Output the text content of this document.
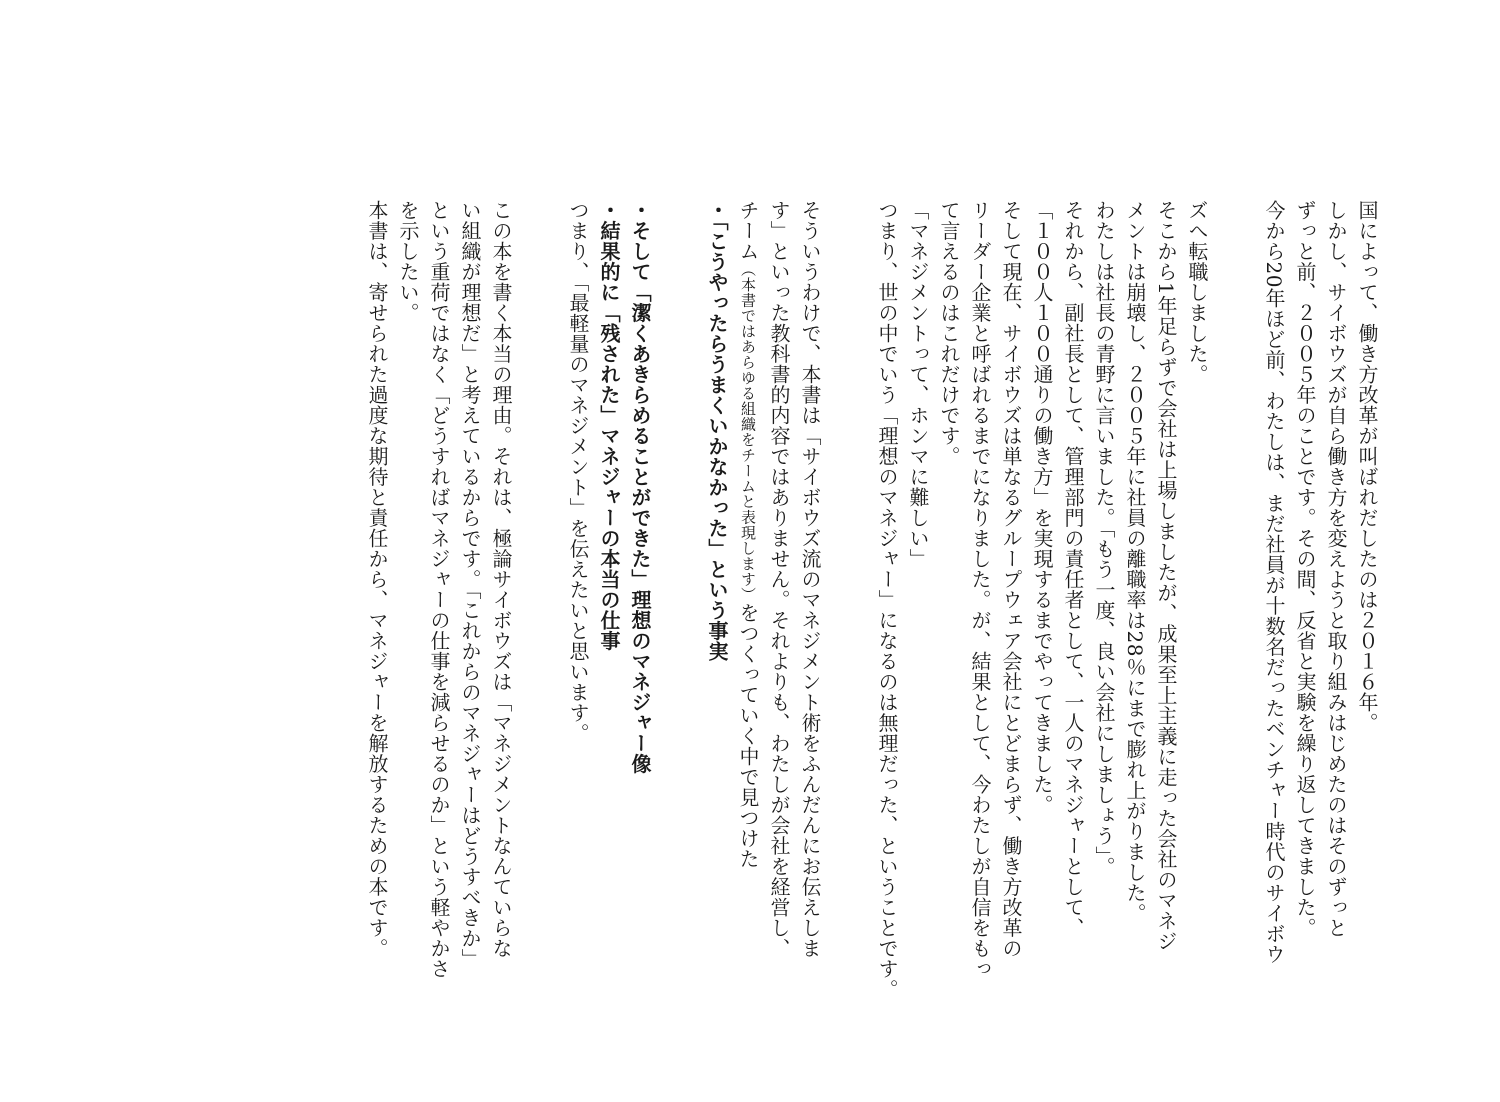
国によって、働き方改革が叫ばれだしたのは２０１６年。

しかし、サイボウズが自ら働き方を変えようと取り組みはじめたのはそのずっと

ずっと前、２００５年のことです。その間、反省と実験を繰り返してきました。

今から20年ほど前、わたしは、まだ社員が十数名だったベンチャー時代のサイボウ

ズへ転職しました。

そこから1年足らずで会社は上場しましたが、成果至上主義に走った会社のマネジ

メントは崩壊し、２００５年に社員の離職率は28％にまで膨れ上がりました。

わたしは社長の青野に言いました。「もう一度、良い会社にしましょう」。

それから、副社長として、管理部門の責任者として、一人のマネジャーとして、

「１００人１００通りの働き方」を実現するまでやってきました。

そして現在、サイボウズは単なるグループウェア会社にとどまらず、働き方改革の

リーダー企業と呼ばれるまでになりました。が、結果として、今わたしが自信をもっ

て言えるのはこれだけです。

「マネジメントって、ホンマに難しい」

つまり、世の中でいう「理想のマネジャー」になるのは無理だった、ということです。

そういうわけで、本書は「サイボウズ流のマネジメント術をふんだんにお伝えしま

す」といった教科書的内容ではありません。それよりも、わたしが会社を経営し、

チーム（本書ではあらゆる組織をチームと表現します）をつくっていく中で見つけた

・「こうやったらうまくいかなかった」という事実

・そして「潔くあきらめることができた」理想のマネジャー像

・結果的に「残された」マネジャーの本当の仕事

つまり、「最軽量のマネジメント」を伝えたいと思います。

この本を書く本当の理由。それは、極論サイボウズは「マネジメントなんていらな

い組織が理想だ」と考えているからです。「これからのマネジャーはどうすべきか」

という重荷ではなく「どうすればマネジャーの仕事を減らせるのか」という軽やかさ

を示したい。

本書は、寄せられた過度な期待と責任から、マネジャーを解放するための本です。
